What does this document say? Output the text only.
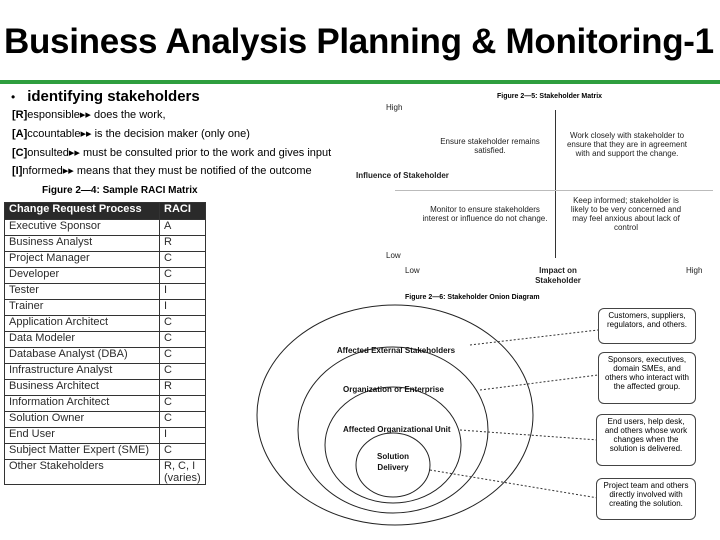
Business Analysis Planning & Monitoring-1
• identifying stakeholders
[R]esponsible▸▸ does the work,
[A]ccountable▸▸ is the decision maker (only one)
[C]onsulted▸▸ must be consulted prior to the work and gives input
[I]nformed▸▸ means that they must be notified of the outcome
Figure 2—4: Sample RACI Matrix
Change Request Process	RACI
Executive Sponsor	A
Business Analyst	R
Project Manager	C
Developer	C
Tester	I
Trainer	I
Application Architect	C
Data Modeler	C
Database Analyst (DBA)	C
Infrastructure Analyst	C
Business Architect	R
Information Architect	C
Solution Owner	C
End User	I
Subject Matter Expert (SME)	C
Other Stakeholders	R, C, I (varies)
Figure 2—5: Stakeholder Matrix
High
Influence of Stakeholder
Low
Low	Impact on Stakeholder
High
Ensure stakeholder remains satisfied.
Work closely with stakeholder to ensure that they are in agreement with and support the change.
Monitor to ensure stakeholders interest or influence do not change.
Keep informed; stakeholder is likely to be very concerned and may feel anxious about lack of control
Figure 2—6: Stakeholder Onion Diagram
Affected External Stakeholders
Organization or Enterprise
Affected Organizational Unit
Solution Delivery
Customers, suppliers, regulators, and others.
Sponsors, executives, domain SMEs, and others who interact with the affected group.
End users, help desk, and others whose work changes when the solution is delivered.
Project team and others directly involved with creating the solution.
